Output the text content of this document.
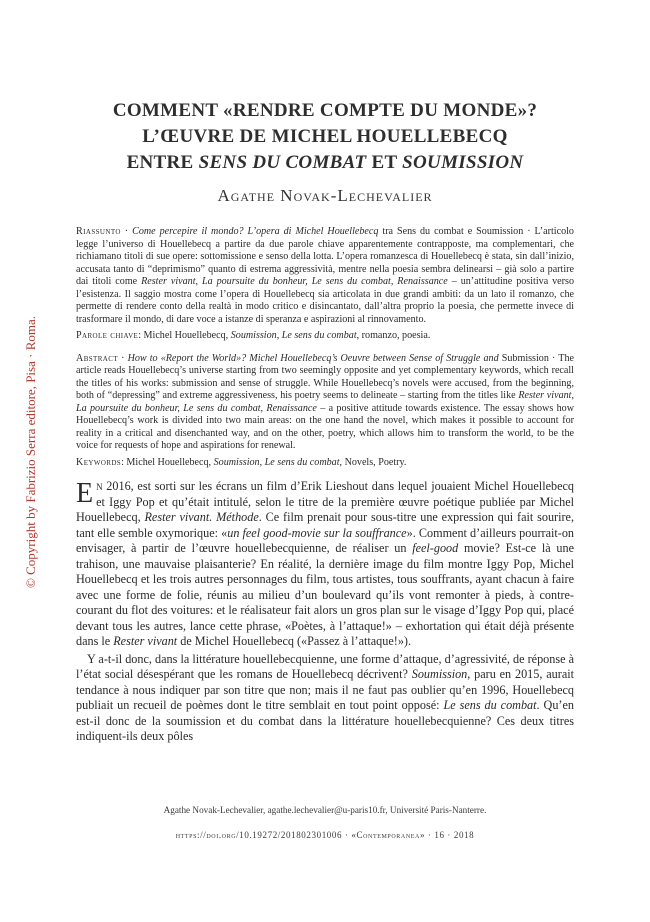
© Copyright by Fabrizio Serra editore, Pisa · Roma.
COMMENT «RENDRE COMPTE DU MONDE»?
L’ŒUVRE DE MICHEL HOUELLEBECQ
ENTRE SENS DU COMBAT ET SOUMISSION
Agathe Novak-Lechevalier

Riassunto · Come percepire il mondo? L’opera di Michel Houellebecq tra Sens du combat e Soumission · L’articolo legge l’universo di Houellebecq a partire da due parole chiave apparentemente contrapposte, ma complementari, che richiamano titoli di sue opere: sottomissione e senso della lotta. L’opera romanzesca di Houellebecq è stata, sin dall’inizio, accusata tanto di “deprimismo” quanto di estrema aggressività, mentre nella poesia sembra delinearsi – già solo a partire dai titoli come Rester vivant, La poursuite du bonheur, Le sens du combat, Renaissance – un’attitudine positiva verso l’esistenza. Il saggio mostra come l’opera di Houellebecq sia articolata in due grandi ambiti: da un lato il romanzo, che permette di rendere conto della realtà in modo critico e disincantato, dall’altra proprio la poesia, che permette invece di trasformare il mondo, di dare voce a istanze di speranza e aspirazioni al rinnovamento.

Parole chiave: Michel Houellebecq, Soumission, Le sens du combat, romanzo, poesia.

Abstract · How to «Report the World»? Michel Houellebecq’s Oeuvre between Sense of Struggle and Submission · The article reads Houellebecq’s universe starting from two seemingly opposite and yet complementary keywords, which recall the titles of his works: submission and sense of struggle. While Houellebecq’s novels were accused, from the beginning, both of “depressing” and extreme aggressiveness, his poetry seems to delineate – starting from the titles like Rester vivant, La poursuite du bonheur, Le sens du combat, Renaissance – a positive attitude towards existence. The essay shows how Houellebecq’s work is divided into two main areas: on the one hand the novel, which makes it possible to account for reality in a critical and disenchanted way, and on the other, poetry, which allows him to transform the world, to be the voice for requests of hope and aspirations for renewal.

Keywords: Michel Houellebecq, Soumission, Le sens du combat, Novels, Poetry.

En 2016, est sorti sur les écrans un film d’Erik Lieshout dans lequel jouaient Michel Houellebecq et Iggy Pop et qu’était intitulé, selon le titre de la première œuvre poétique publiée par Michel Houellebecq, Rester vivant. Méthode. Ce film prenait pour sous-titre une expression qui fait sourire, tant elle semble oxymorique: «un feel good-movie sur la souffrance». Comment d’ailleurs pourrait-on envisager, à partir de l’œuvre houellebecquienne, de réaliser un feel-good movie? Est-ce là une trahison, une mauvaise plaisanterie? En réalité, la dernière image du film montre Iggy Pop, Michel Houellebecq et les trois autres personnages du film, tous artistes, tous souffrants, ayant chacun à faire avec une forme de folie, réunis au milieu d’un boulevard qu’ils vont remonter à pieds, à contre-courant du flot des voitures: et le réalisateur fait alors un gros plan sur le visage d’Iggy Pop qui, placé devant tous les autres, lance cette phrase, «Poètes, à l’attaque!» – exhortation qui était déjà présente dans le Rester vivant de Michel Houellebecq («Passez à l’attaque!»).

Y a-t-il donc, dans la littérature houellebecquienne, une forme d’attaque, d’agressivité, de réponse à l’état social désespérant que les romans de Houellebecq décrivent? Soumission, paru en 2015, aurait tendance à nous indiquer par son titre que non; mais il ne faut pas oublier qu’en 1996, Houellebecq publiait un recueil de poèmes dont le titre semblait en tout point opposé: Le sens du combat. Qu’en est-il donc de la soumission et du combat dans la littérature houellebecquienne? Ces deux titres indiquent-ils deux pôles

Agathe Novak-Lechevalier, agathe.lechevalier@u-paris10.fr, Université Paris-Nanterre.
https://doi.org/10.19272/201802301006 · «Contemporanea» · 16 · 2018
